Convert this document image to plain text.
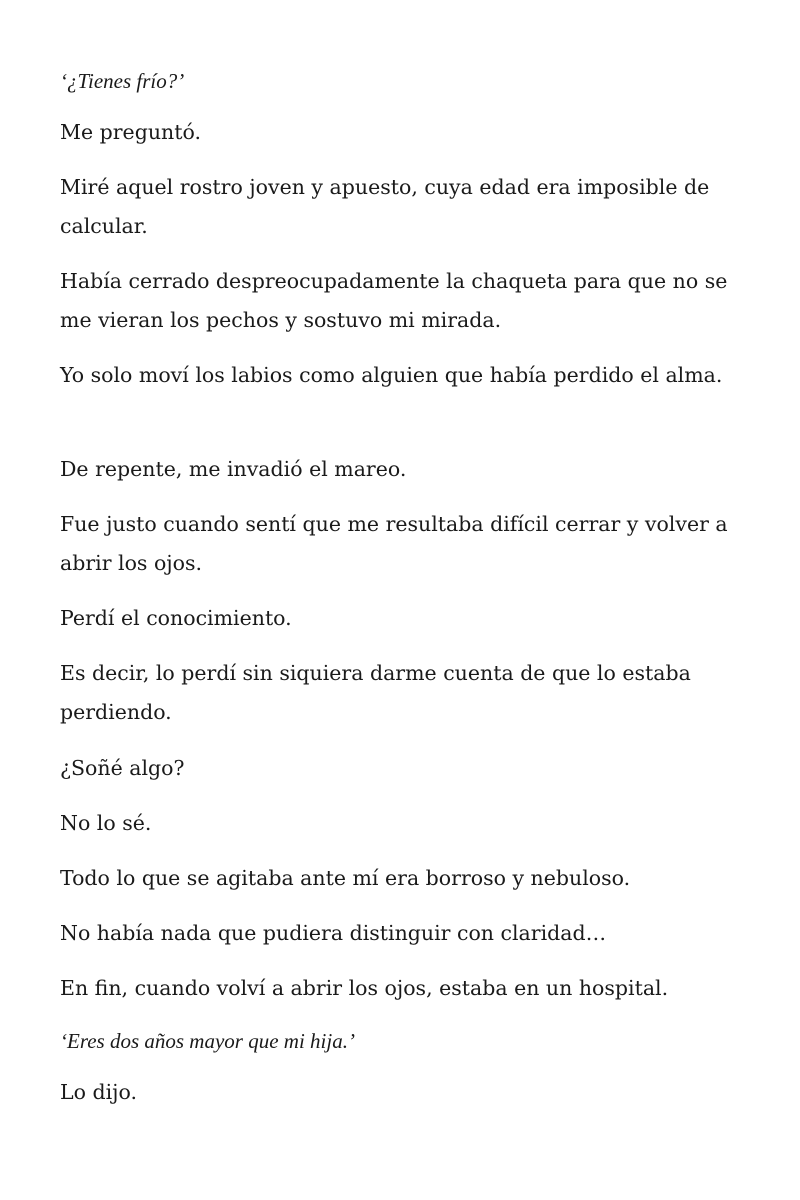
‘¿Tienes frío?’

Me preguntó.

Miré aquel rostro joven y apuesto, cuya edad era imposible de calcular.

Había cerrado despreocupadamente la chaqueta para que no se me vieran los pechos y sostuvo mi mirada.

Yo solo moví los labios como alguien que había perdido el alma.

De repente, me invadió el mareo.

Fue justo cuando sentí que me resultaba difícil cerrar y volver a abrir los ojos.

Perdí el conocimiento.

Es decir, lo perdí sin siquiera darme cuenta de que lo estaba perdiendo.

¿Soñé algo?

No lo sé.

Todo lo que se agitaba ante mí era borroso y nebuloso.

No había nada que pudiera distinguir con claridad…

En fin, cuando volví a abrir los ojos, estaba en un hospital.

‘Eres dos años mayor que mi hija.’

Lo dijo.
